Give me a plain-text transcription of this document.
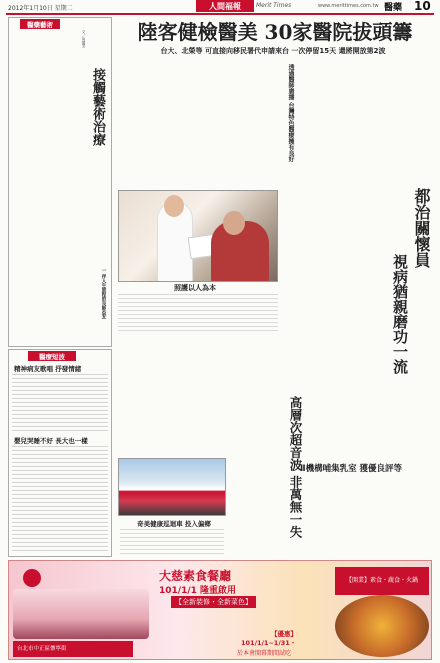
2012年1月10日 星期二	人間福報	Merit Times	www.merittimes.com.tw 醫藥 10
醫藥藝術
接觸藝術治療
文／何蕙芳
一 伴人生旅程的良師益友
醫療短波
精神病友歌唱 抒發情緒
嬰兒哭睡不好 長大也一樣
陸客健檢醫美 30家醫院拔頭籌
台大、北榮等 可直接向移民署代申請來台 一次停留15天 還將開放第2波
透過醫師廣播 台灣特色醫療擁有良好
照護以人為本
奇美健康巡迴車 投入偏鄉	高層次超音波 非萬無一失
都治關懷員
視病猶親磨功一流
Ⅱ機構哺集乳室 獲優良評等
大慈素食餐廳
101/1/1 隆重啟用
【全新裝修・全新菜色】
【優惠】
101/1/1~1/31・
於本會開幕期間試吃
【開業】素食・蔬食・火鍋
台北市中正區懷寧街
